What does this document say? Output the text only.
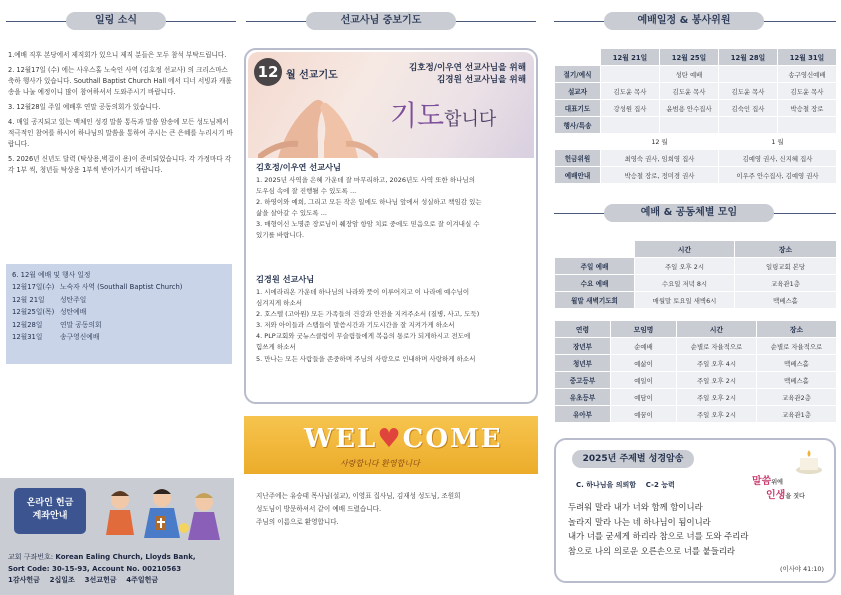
일링 소식

1.예배 직후 본당에서 제직회가 있으니 제직 분들은 모두 참석 부탁드립니다.

2. 12월17일 (수) 에는 사우스홀 노숙인 사역 (김호정 선교사) 의 크리스마스 축하 행사가 있습니다. Southall Baptist Church Hall 에서 디너 서빙과 캐롤송을 나눌 예정이니 많이 참여하셔서 도와주시기 바랍니다.

3. 12월28일 주일 예배후 연말 공동의회가 있습니다.

4. 매일 공지되고 있는 맥체인 성경 말씀 통독과 말씀 암송에 모든 성도님께서 적극적인 참여를 하시어 하나님의 말씀을 통하여 주시는 큰 은혜를 누리시기 바랍니다.

5. 2026년 신년도 달력 (탁상용,벽걸이 용)이 준비되었습니다. 각 가정마다 각각 1부 씩, 청년들 탁상용 1부씩 받아가시기 바랍니다.

6. 12월 예배 및 행사 일정
12월17일(수) 노숙자 사역 (Southall Baptist Church)
12월 21일 성탄주일
12월25일(목) 성탄예배
12월28일	연말 공동의회
12월31일	송구영신예배
온라인 헌금
계좌안내
교회 구좌번호: Korean Ealing Church, Lloyds Bank,
Sort Code: 30-15-93, Account No. 00210563
1감사헌금    2십일조    3선교헌금    4주일헌금
선교사님 중보기도
12 월 선교기도
김호정/이우연 선교사님을 위해
김경원 선교사님을 위해
기도합니다
김호정/이우연 선교사님
1. 2025년 사역을 은혜 가운데 잘 마무리하고, 2026년도 사역 또한 하나님의
도우심 속에 잘 진행될 수 있도록 ...
2. 하영이와 예희, 그리고 모든 작은 일에도 하나님 앞에서 성실하고 책임감 있는
삶을 살아갈 수 있도록 ...
3. 매형이신 노명준 장로님이 췌장암 항암 치료 중에도 믿음으로 잘 이겨내실 수
있기를 바랍니다.
김경원 선교사님
1. 시에라리온 가운데 하나님의 나라와 뜻이 이루어지고 이 나라에 예수님이
심겨지게 하소서
2. 호스텔 (고아원) 모든 가족들의 건강과 안전을 지켜주소서 (질병, 사고, 도둑)
3. 저와 아이들과 스탭들이 말씀시간과 기도시간을 잘 지켜가게 하소서
4. PLP교회와 굿뉴스클럽이 무슬림들에게 복음의 통로가 되게하시고 전도에
힘쓰게 하소서
5. 만나는 모든 사람들을 존중하며 주님의 사랑으로 인내하며 사랑하게 하소서
WEL♥COME
사랑합니다 환영합니다
지난주에는 유승태 목사님(설교), 이영표 집사님, 김재성 성도님, 조원희
성도님이 방문하셔서 같이 예배 드렸습니다.
주님의 이름으로 환영합니다.
예배일정 & 봉사위원
	12월 21일	12월 25일	12월 28일	12월 31일
절기/예식		성탄 예배		송구영신예배
설교자	김도윤 목사	김도윤 목사	김도윤 목사	김도윤 목사
대표기도	강성원 집사	윤범용 안수집사	김숙인 집사	박승철 장로
행사/특송				
	12 월		1 월	
헌금위원	최영숙 권사, 임희영 집사		김예영 권사, 신지혜 집사	
예배안내	박승철 장로, 정미경 권사		이우주 안수집사, 김예영 권사	
예배 & 공동체별 모임
	시간	장소
주일 예배	주일 오후 2시	일링교회 본당
수요 예배	수요일 저녁 8시	교육관1층
월말 새벽기도회	매월말 토요일 새벽6시	맥베스홀
연령	모임명	시간	장소
장년부	순예배	순별로 자율적으로	순별로 자율적으로
청년부	예삶이	주일 오후 4시	맥베스홀
중고등부	예일이	주일 오후 2시	맥베스홀
유초등부	예담이	주일 오후 2시	교육관2층
유아부	예꿈이	주일 오후 2시	교육관1층
2025년 주제별 성경암송
C. 하나님을 의뢰함    C-2 능력	말씀위에
인생을 짓다
두려워 말라 내가 너와 함께 함이니라
놀라지 말라 나는 네 하나님이 됨이니라
내가 너를 굳세게 하리라 참으로 너를 도와 주리라
참으로 나의 의로운 오른손으로 너를 붙들리라
(이사야 41:10)
